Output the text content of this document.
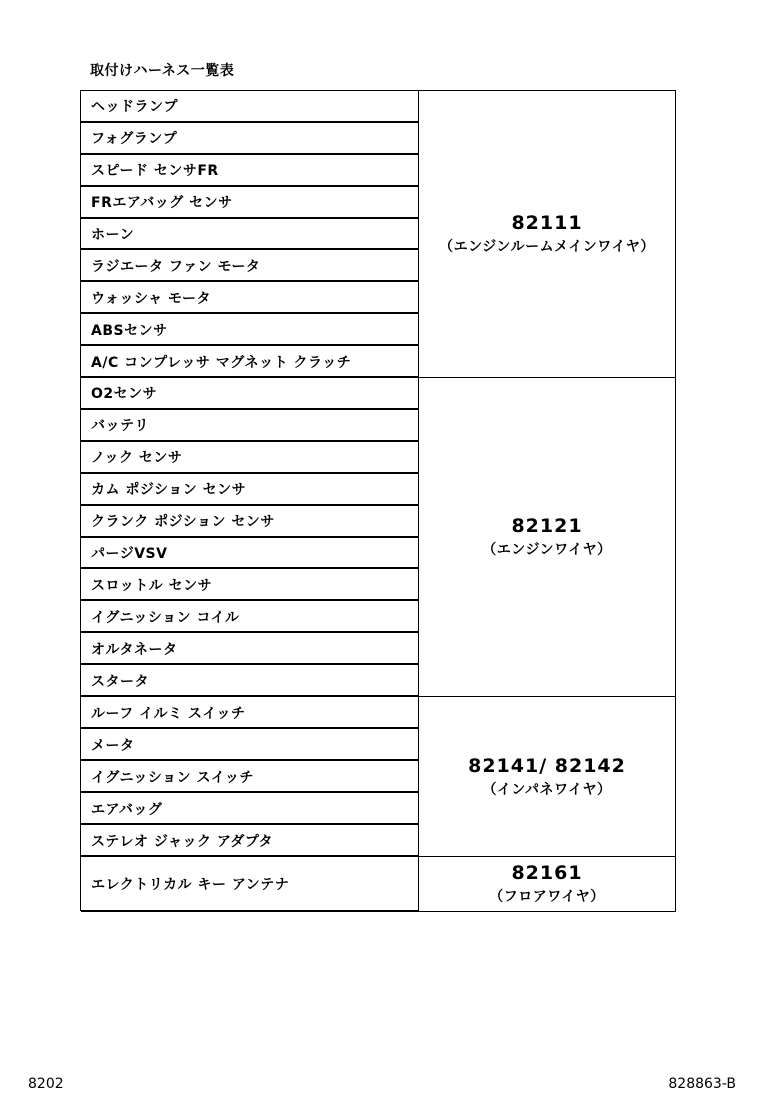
取付けハーネス一覧表
ヘッドランプ
フォグランプ
スピード センサFR
FRエアバッグ センサ
ホーン
ラジエータ ファン モータ
ウォッシャ モータ
ABSセンサ
A/C コンプレッサ マグネット クラッチ
82111
（エンジンルームメインワイヤ）
O2センサ
バッテリ
ノック センサ
カム ポジション センサ
クランク ポジション センサ
パージVSV
スロットル センサ
イグニッション コイル
オルタネータ
スタータ
82121
（エンジンワイヤ）
ルーフ イルミ スイッチ
メータ
イグニッション スイッチ
エアバッグ
ステレオ ジャック アダプタ
82141/ 82142
（インパネワイヤ）
エレクトリカル キー アンテナ
82161
（フロアワイヤ）
8202	828863-B
